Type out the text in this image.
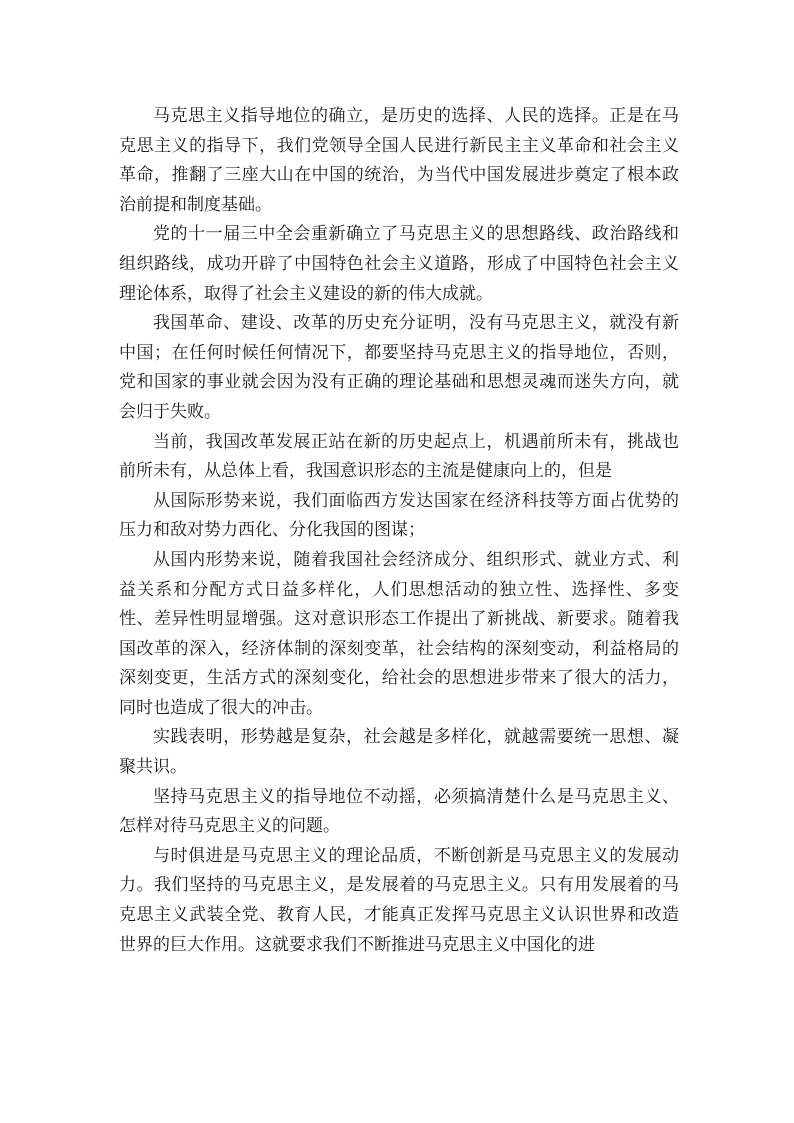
马克思主义指导地位的确立，是历史的选择、人民的选择。正是在马克思主义的指导下，我们党领导全国人民进行新民主主义革命和社会主义革命，推翻了三座大山在中国的统治，为当代中国发展进步奠定了根本政治前提和制度基础。

党的十一届三中全会重新确立了马克思主义的思想路线、政治路线和组织路线，成功开辟了中国特色社会主义道路，形成了中国特色社会主义理论体系，取得了社会主义建设的新的伟大成就。

我国革命、建设、改革的历史充分证明，没有马克思主义，就没有新中国；在任何时候任何情况下，都要坚持马克思主义的指导地位，否则，党和国家的事业就会因为没有正确的理论基础和思想灵魂而迷失方向，就会归于失败。

当前，我国改革发展正站在新的历史起点上，机遇前所未有，挑战也前所未有，从总体上看，我国意识形态的主流是健康向上的，但是

从国际形势来说，我们面临西方发达国家在经济科技等方面占优势的压力和敌对势力西化、分化我国的图谋；

从国内形势来说，随着我国社会经济成分、组织形式、就业方式、利益关系和分配方式日益多样化，人们思想活动的独立性、选择性、多变性、差异性明显增强。这对意识形态工作提出了新挑战、新要求。随着我国改革的深入，经济体制的深刻变革，社会结构的深刻变动，利益格局的深刻变更，生活方式的深刻变化，给社会的思想进步带来了很大的活力，同时也造成了很大的冲击。

实践表明，形势越是复杂，社会越是多样化，就越需要统一思想、凝聚共识。

坚持马克思主义的指导地位不动摇，必须搞清楚什么是马克思主义、怎样对待马克思主义的问题。

与时俱进是马克思主义的理论品质，不断创新是马克思主义的发展动力。我们坚持的马克思主义，是发展着的马克思主义。只有用发展着的马克思主义武装全党、教育人民，才能真正发挥马克思主义认识世界和改造世界的巨大作用。这就要求我们不断推进马克思主义中国化的进
